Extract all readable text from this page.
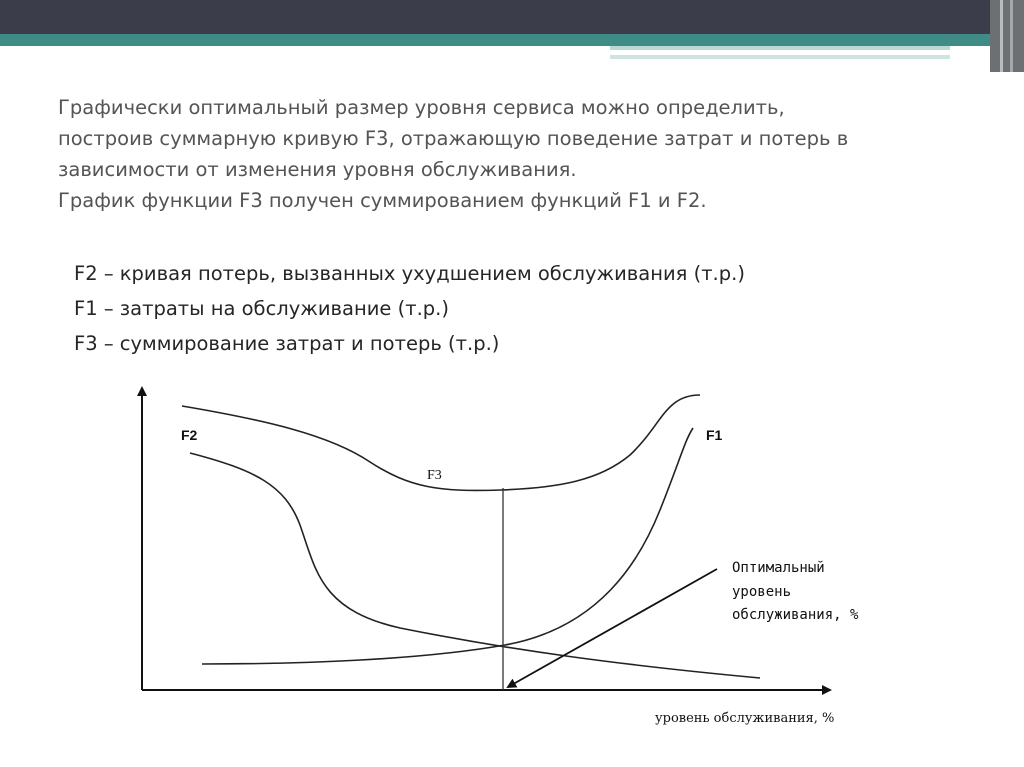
Графически оптимальный размер уровня сервиса можно определить,
построив суммарную кривую F3, отражающую поведение затрат и потерь в
зависимости от изменения уровня обслуживания.
График функции F3 получен суммированием функций F1 и F2.

F2 – кривая потерь, вызванных ухудшением обслуживания (т.р.)
F1 – затраты на обслуживание (т.р.)
F3 – суммирование затрат и потерь (т.р.)
F2	F1
F3
Оптимальный
уровень
обслуживания, %
уровень обслуживания, %
